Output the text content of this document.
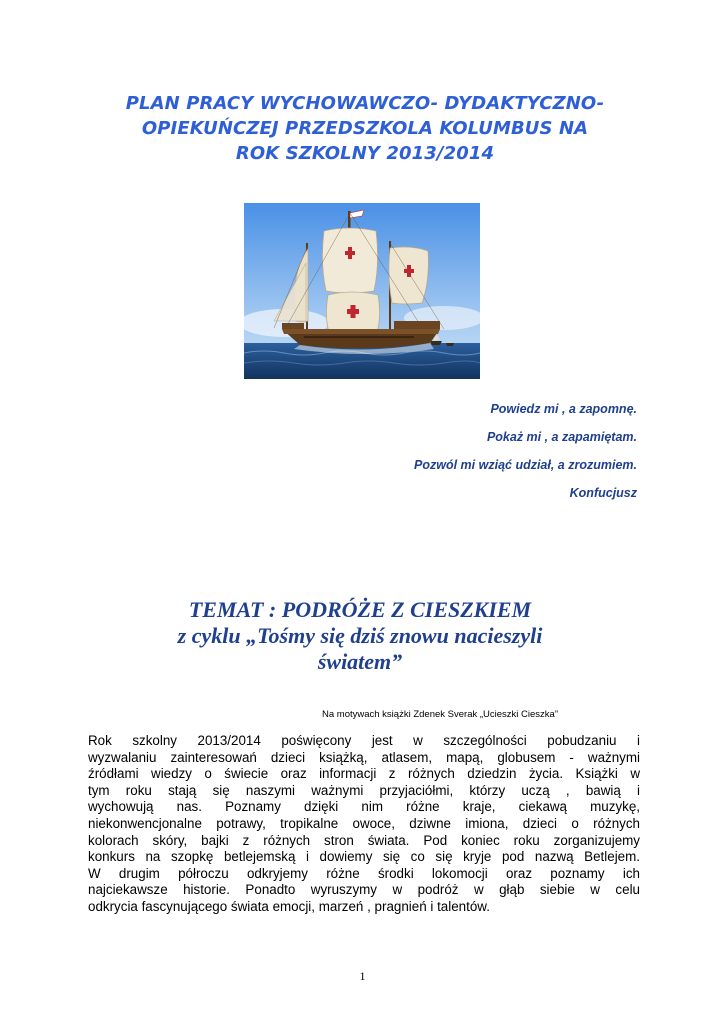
PLAN PRACY WYCHOWAWCZO- DYDAKTYCZNO-
OPIEKUŃCZEJ PRZEDSZKOLA KOLUMBUS NA
ROK SZKOLNY 2013/2014
Powiedz mi , a zapomnę.
Pokaż mi , a zapamiętam.
Pozwól mi wziąć udział, a zrozumiem.
Konfucjusz
TEMAT : PODRÓŻE Z CIESZKIEM
z cyklu „Tośmy się dziś znowu nacieszyli
światem”
Na motywach książki Zdenek Sverak „Ucieszki Cieszka”
Rok szkolny 2013/2014 poświęcony jest w szczególności pobudzaniu i
wyzwalaniu zainteresowań dzieci książką, atlasem, mapą, globusem - ważnymi
źródłami wiedzy o świecie oraz informacji z różnych dziedzin życia. Książki w
tym roku stają się naszymi ważnymi przyjaciółmi, którzy uczą , bawią i
wychowują nas. Poznamy dzięki nim różne kraje, ciekawą muzykę,
niekonwencjonalne potrawy, tropikalne owoce, dziwne imiona, dzieci o różnych
kolorach skóry, bajki z różnych stron świata. Pod koniec roku zorganizujemy
konkurs na szopkę betlejemską i dowiemy się co się kryje pod nazwą Betlejem.
W drugim półroczu odkryjemy różne środki lokomocji oraz poznamy ich
najciekawsze historie. Ponadto wyruszymy w podróż w głąb siebie w celu
odkrycia fascynującego świata emocji, marzeń , pragnień i talentów.
1
